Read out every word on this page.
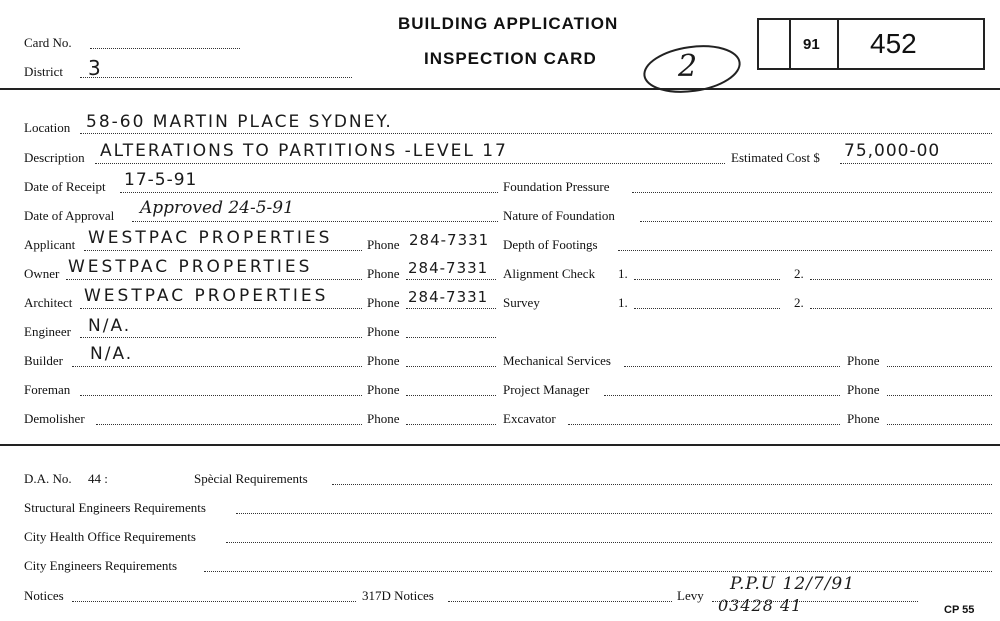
Card No.
District 3
BUILDING APPLICATION
INSPECTION CARD	2
91 452
Location 58-60 MARTIN PLACE SYDNEY.
Description ALTERATIONS TO PARTITIONS -LEVEL 17	Estimated Cost $ 75,000-00
Date of Receipt 17-5-91	Foundation Pressure
Date of Approval Approved 24-5-91	Nature of Foundation
Applicant WESTPAC PROPERTIES	Phone 284-7331 Depth of Footings
Owner WESTPAC PROPERTIES	Phone 284-7331 Alignment Check 1.	2.
Architect WESTPAC PROPERTIES	Phone 284-7331 Survey	1.	2.
Engineer N/A.	Phone
Builder N/A.	Phone	Mechanical Services	Phone
Foreman	Phone	Project Manager	Phone
Demolisher	Phone	Excavator	Phone
D.A. No. 44 :	Spècial Requirements
Structural Engineers Requirements
City Health Office Requirements
City Engineers Requirements
Notices	317D Notices	Levy
P.P.U 12/7/91
03428 41	CP 55
